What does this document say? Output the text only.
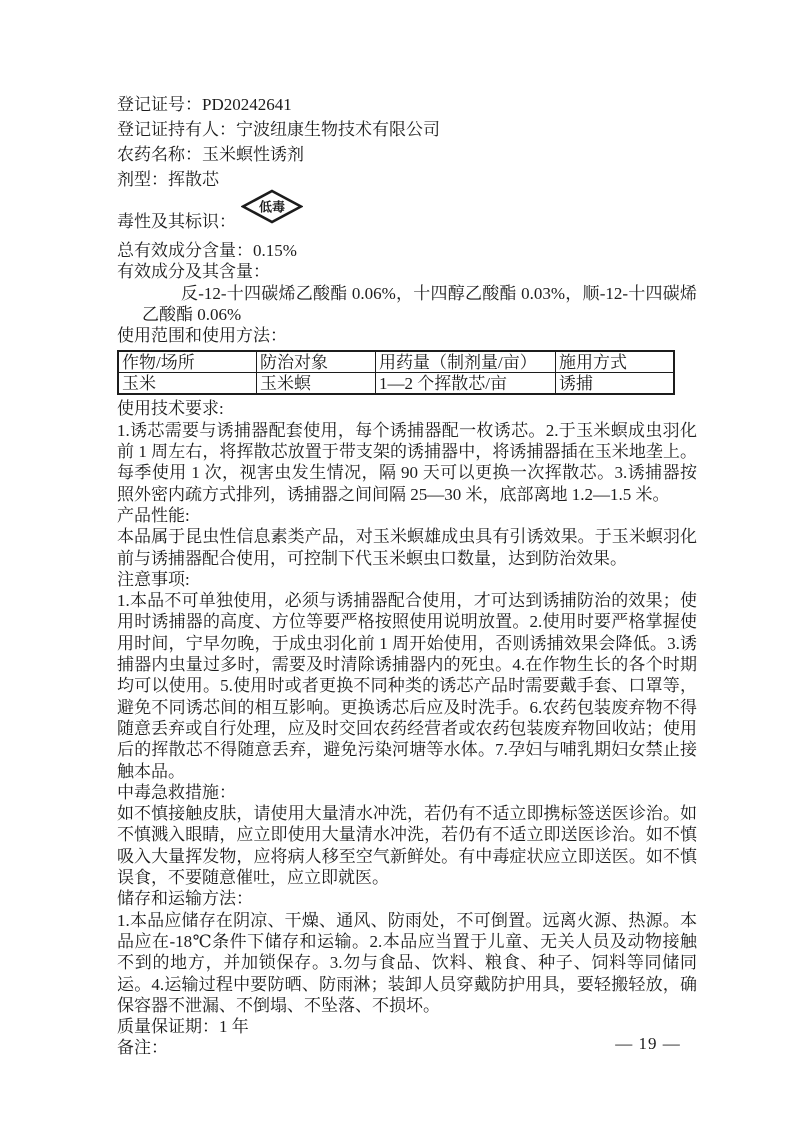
登记证号：PD20242641
登记证持有人：宁波纽康生物技术有限公司
农药名称：玉米螟性诱剂
剂型：挥散芯
低毒
毒性及其标识：
总有效成分含量：0.15%
有效成分及其含量：
反-12-十四碳烯乙酸酯 0.06%，十四醇乙酸酯 0.03%，顺-12-十四碳烯乙酸酯 0.06%
使用范围和使用方法：
作物/场所	防治对象	用药量（制剂量/亩）	施用方式
玉米	玉米螟	1—2 个挥散芯/亩	诱捕
使用技术要求:
1.诱芯需要与诱捕器配套使用，每个诱捕器配一枚诱芯。2.于玉米螟成虫羽化前 1 周左右，将挥散芯放置于带支架的诱捕器中，将诱捕器插在玉米地垄上。每季使用 1 次，视害虫发生情况，隔 90 天可以更换一次挥散芯。3.诱捕器按照外密内疏方式排列，诱捕器之间间隔 25—30 米，底部离地 1.2—1.5 米。
产品性能:
本品属于昆虫性信息素类产品，对玉米螟雄成虫具有引诱效果。于玉米螟羽化前与诱捕器配合使用，可控制下代玉米螟虫口数量，达到防治效果。
注意事项:
1.本品不可单独使用，必须与诱捕器配合使用，才可达到诱捕防治的效果；使用时诱捕器的高度、方位等要严格按照使用说明放置。2.使用时要严格掌握使用时间，宁早勿晚，于成虫羽化前 1 周开始使用，否则诱捕效果会降低。3.诱捕器内虫量过多时，需要及时清除诱捕器内的死虫。4.在作物生长的各个时期均可以使用。5.使用时或者更换不同种类的诱芯产品时需要戴手套、口罩等，避免不同诱芯间的相互影响。更换诱芯后应及时洗手。6.农药包装废弃物不得随意丢弃或自行处理，应及时交回农药经营者或农药包装废弃物回收站；使用后的挥散芯不得随意丢弃，避免污染河塘等水体。7.孕妇与哺乳期妇女禁止接触本品。
中毒急救措施：
如不慎接触皮肤，请使用大量清水冲洗，若仍有不适立即携标签送医诊治。如不慎溅入眼睛，应立即使用大量清水冲洗，若仍有不适立即送医诊治。如不慎吸入大量挥发物，应将病人移至空气新鲜处。有中毒症状应立即送医。如不慎误食，不要随意催吐，应立即就医。
储存和运输方法：
1.本品应储存在阴凉、干燥、通风、防雨处，不可倒置。远离火源、热源。本品应在-18℃条件下储存和运输。2.本品应当置于儿童、无关人员及动物接触不到的地方，并加锁保存。3.勿与食品、饮料、粮食、种子、饲料等同储同运。4.运输过程中要防晒、防雨淋；装卸人员穿戴防护用具，要轻搬轻放，确保容器不泄漏、不倒塌、不坠落、不损坏。
质量保证期：1 年
备注：	— 19 —
